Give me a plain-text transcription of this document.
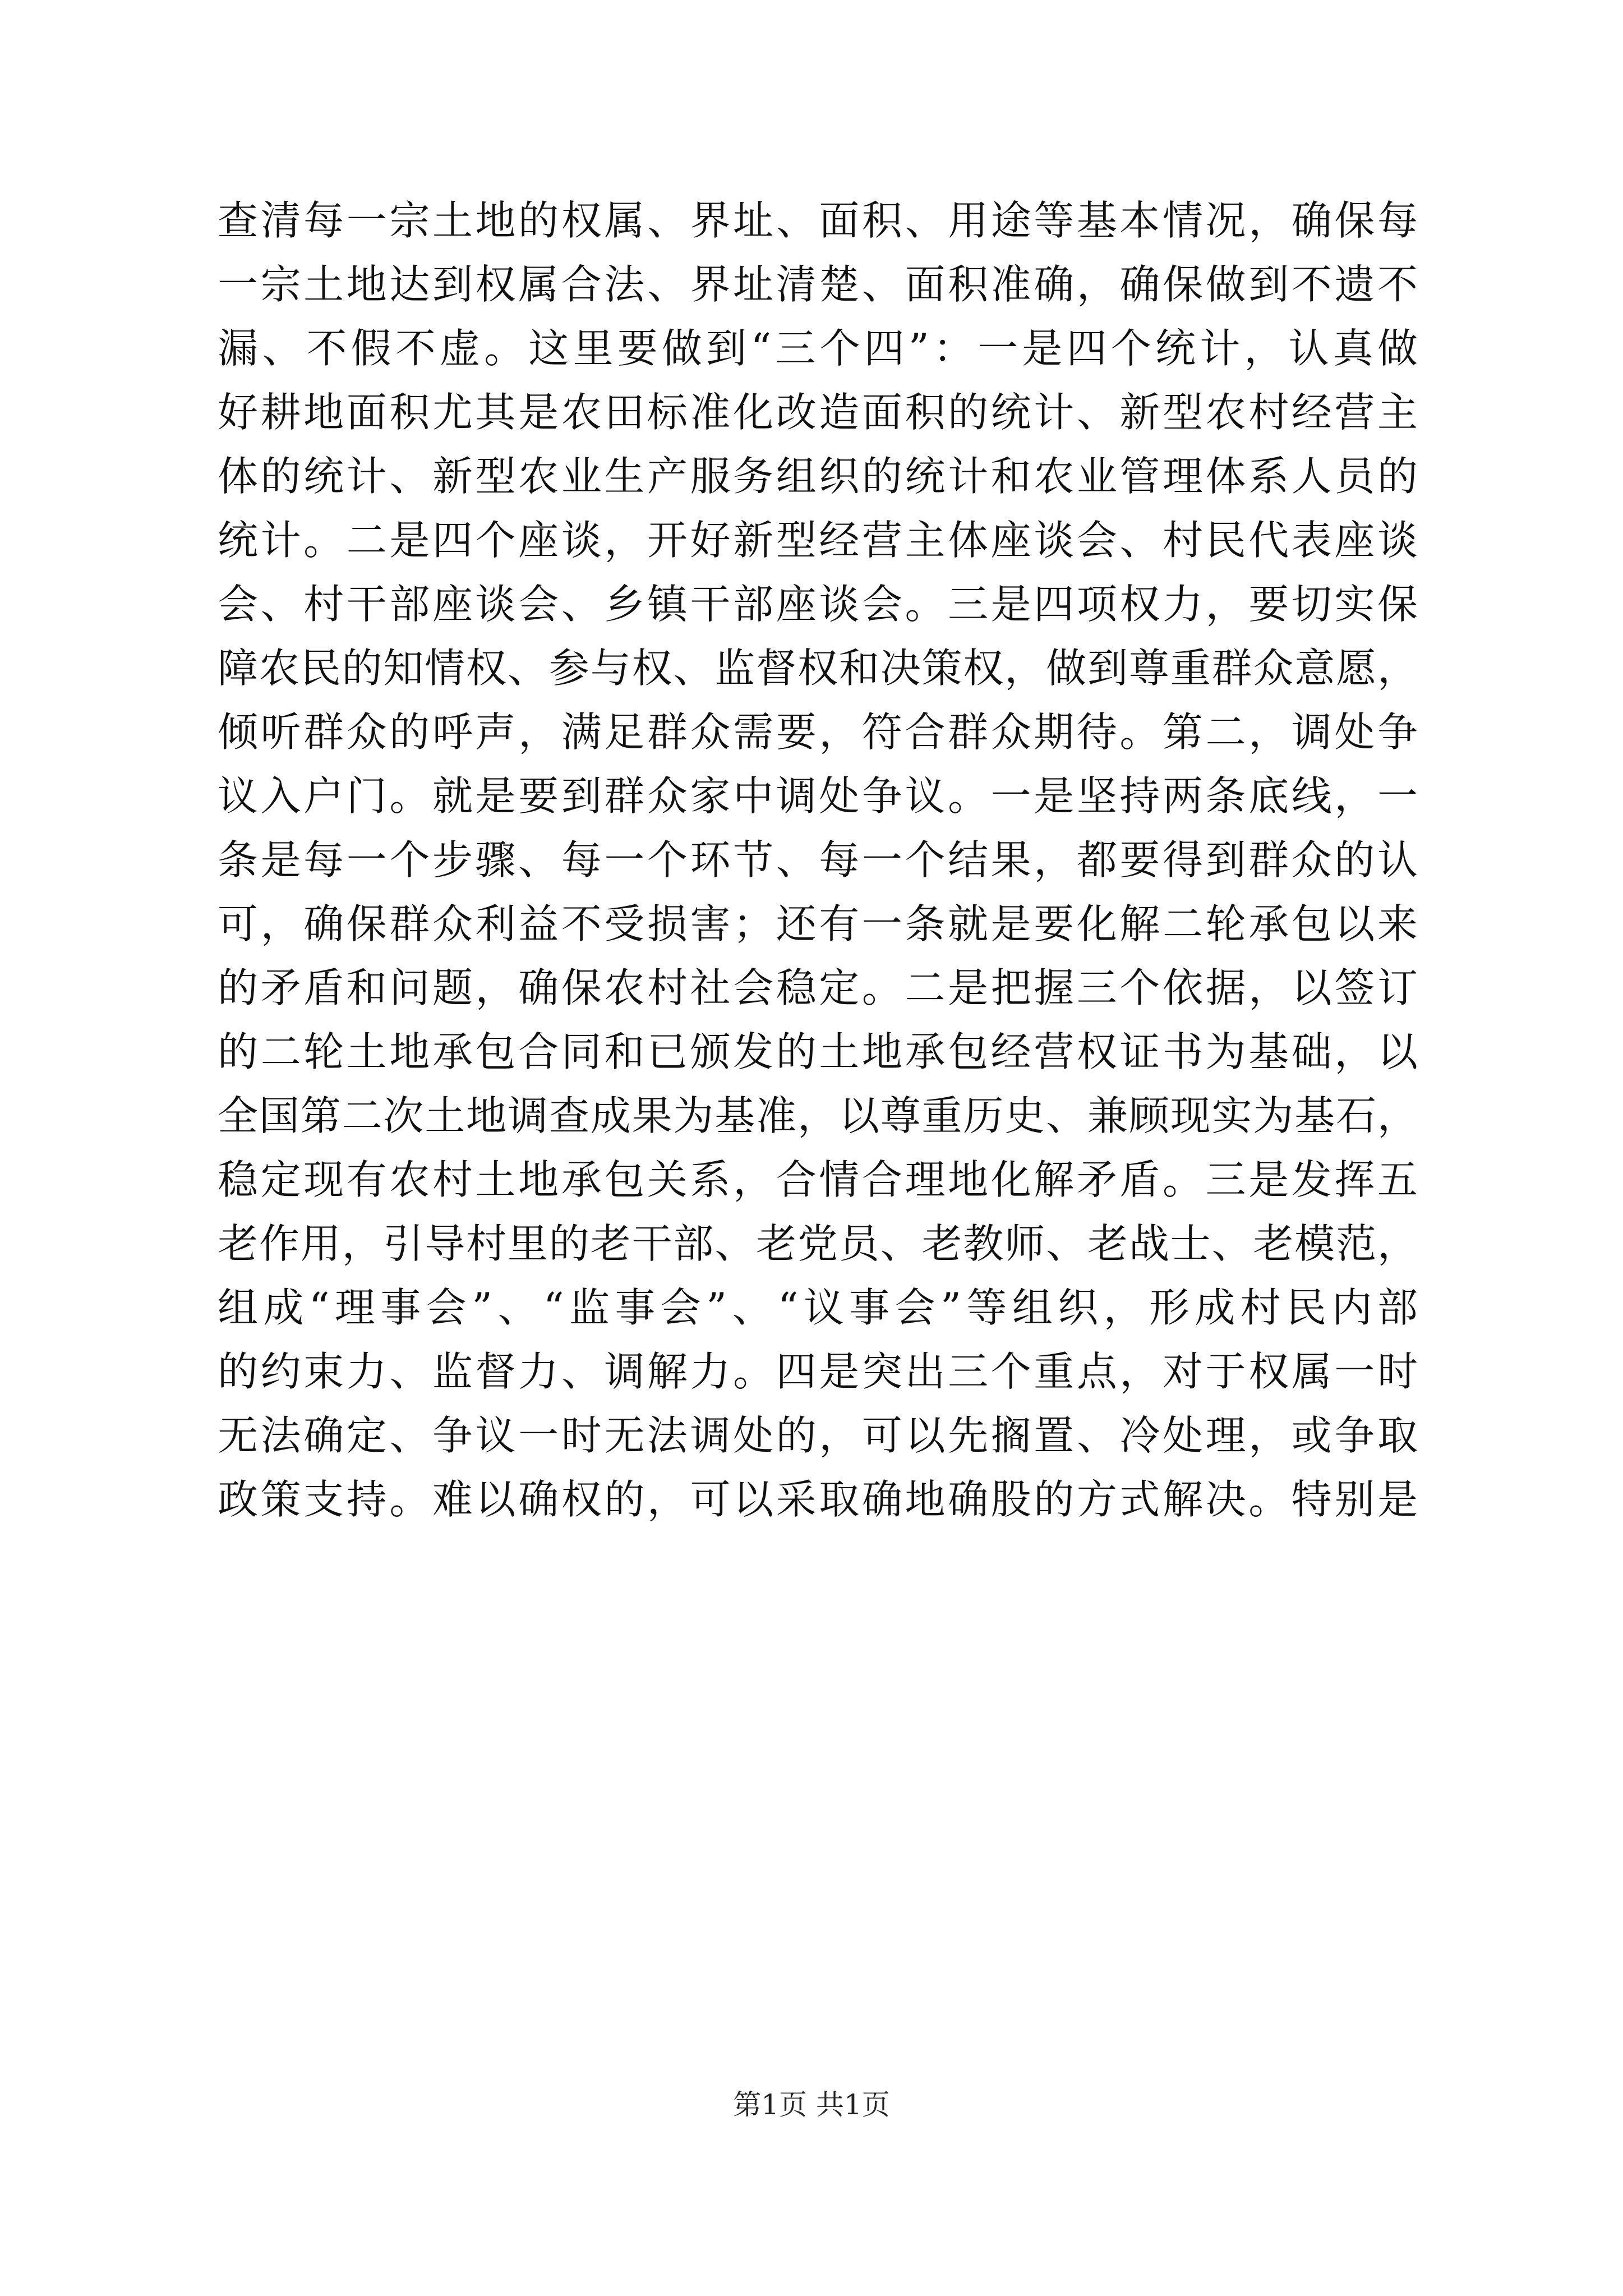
查清每一宗土地的权属、界址、面积、用途等基本情况，确保每
一宗土地达到权属合法、界址清楚、面积准确，确保做到不遗不
漏、不假不虚。这里要做到“三个四”：一是四个统计，认真做
好耕地面积尤其是农田标准化改造面积的统计、新型农村经营主
体的统计、新型农业生产服务组织的统计和农业管理体系人员的
统计。二是四个座谈，开好新型经营主体座谈会、村民代表座谈
会、村干部座谈会、乡镇干部座谈会。三是四项权力，要切实保
障农民的知情权、参与权、监督权和决策权，做到尊重群众意愿，
倾听群众的呼声，满足群众需要，符合群众期待。第二，调处争
议入户门。就是要到群众家中调处争议。一是坚持两条底线，一
条是每一个步骤、每一个环节、每一个结果，都要得到群众的认
可，确保群众利益不受损害；还有一条就是要化解二轮承包以来
的矛盾和问题，确保农村社会稳定。二是把握三个依据，以签订
的二轮土地承包合同和已颁发的土地承包经营权证书为基础，以
全国第二次土地调查成果为基准，以尊重历史、兼顾现实为基石，
稳定现有农村土地承包关系，合情合理地化解矛盾。三是发挥五
老作用，引导村里的老干部、老党员、老教师、老战士、老模范，
组成“理事会”、“监事会”、“议事会”等组织，形成村民内部
的约束力、监督力、调解力。四是突出三个重点，对于权属一时
无法确定、争议一时无法调处的，可以先搁置、冷处理，或争取
政策支持。难以确权的，可以采取确地确股的方式解决。特别是
第1页 共1页
